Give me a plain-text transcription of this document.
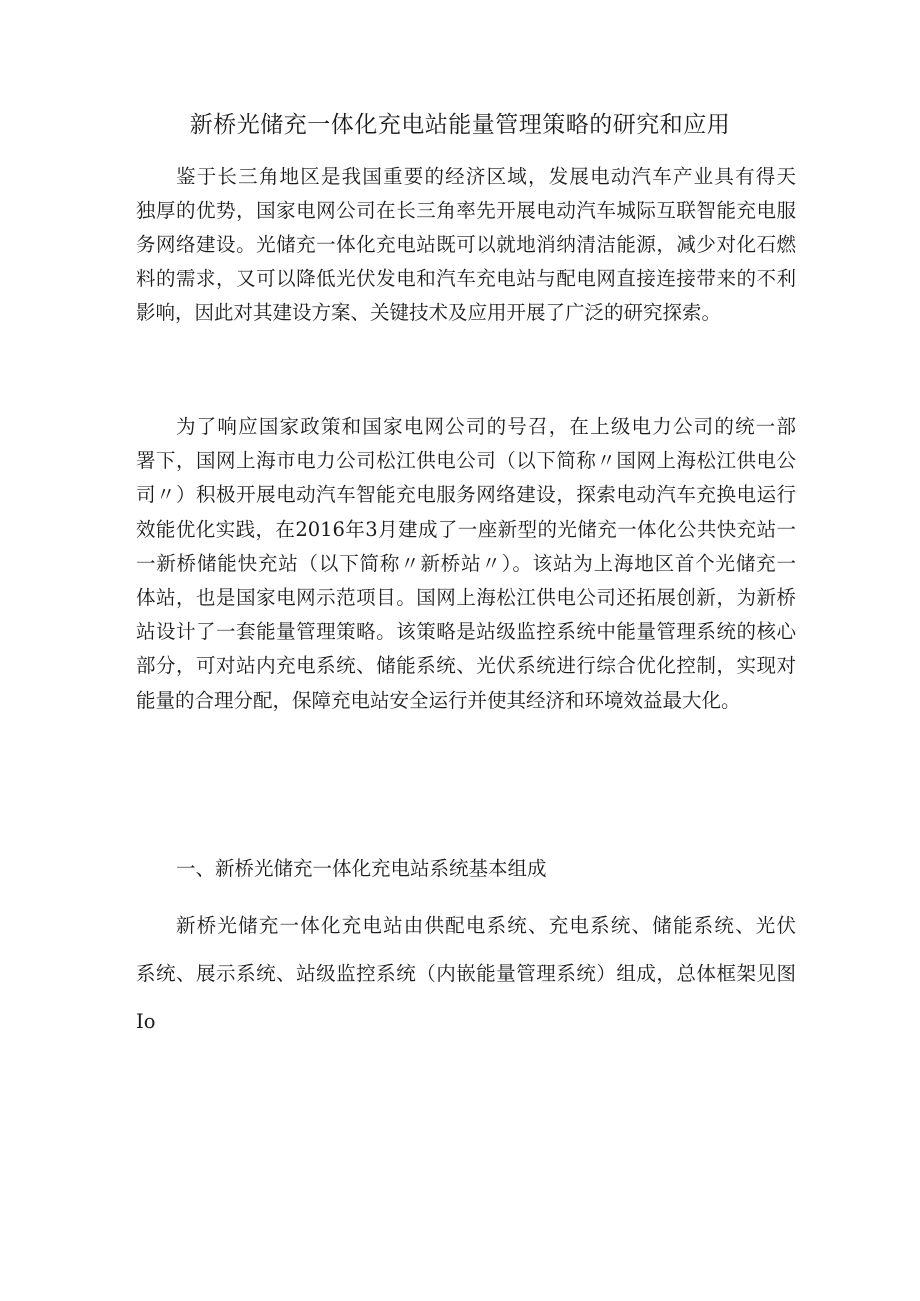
新桥光储充一体化充电站能量管理策略的研究和应用
鉴于长三角地区是我国重要的经济区域，发展电动汽车产业具有得天
独厚的优势，国家电网公司在长三角率先开展电动汽车城际互联智能充电服
务网络建设。光储充一体化充电站既可以就地消纳清洁能源，减少对化石燃
料的需求，又可以降低光伏发电和汽车充电站与配电网直接连接带来的不利
影响，因此对其建设方案、关键技术及应用开展了广泛的研究探索。
为了响应国家政策和国家电网公司的号召，在上级电力公司的统一部
署下，国网上海市电力公司松江供电公司（以下简称〃国网上海松江供电公
司〃）积极开展电动汽车智能充电服务网络建设，探索电动汽车充换电运行
效能优化实践，在2016年3月建成了一座新型的光储充一体化公共快充站一
一新桥储能快充站（以下简称〃新桥站〃）。该站为上海地区首个光储充一
体站，也是国家电网示范项目。国网上海松江供电公司还拓展创新，为新桥
站设计了一套能量管理策略。该策略是站级监控系统中能量管理系统的核心
部分，可对站内充电系统、储能系统、光伏系统进行综合优化控制，实现对
能量的合理分配，保障充电站安全运行并使其经济和环境效益最大化。
一、新桥光储充一体化充电站系统基本组成
新桥光储充一体化充电站由供配电系统、充电系统、储能系统、光伏
系统、展示系统、站级监控系统（内嵌能量管理系统）组成，总体框架见图
Io
